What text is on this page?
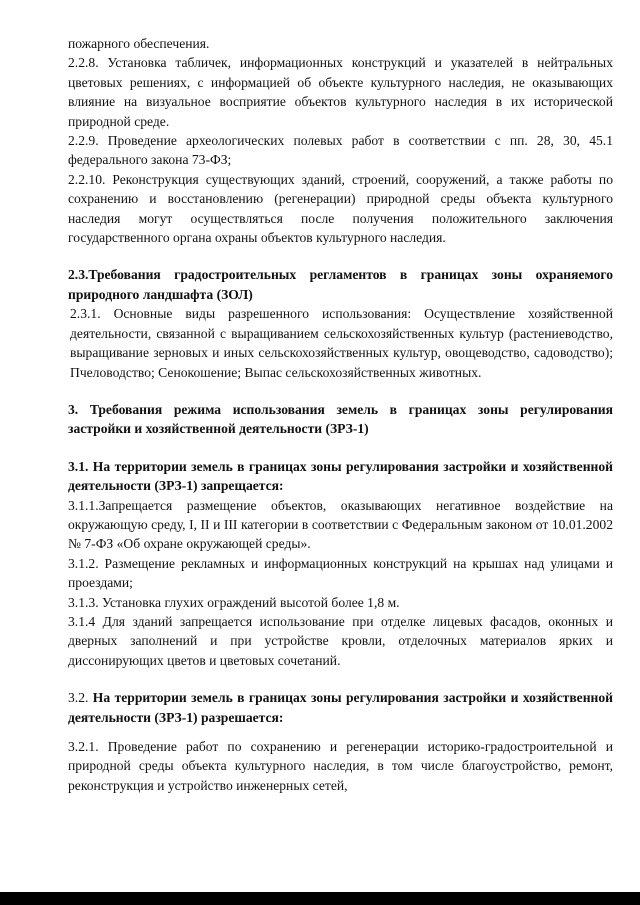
пожарного обеспечения.

2.2.8. Установка табличек, информационных конструкций и указателей в нейтральных цветовых решениях, с информацией об объекте культурного наследия, не оказывающих влияние на визуальное восприятие объектов культурного наследия в их исторической природной среде.

2.2.9. Проведение археологических полевых работ в соответствии с пп. 28, 30, 45.1 федерального закона 73-ФЗ;

2.2.10. Реконструкция существующих зданий, строений, сооружений, а также работы по сохранению и восстановлению (регенерации) природной среды объекта культурного наследия могут осуществляться после получения положительного заключения государственного органа охраны объектов культурного наследия.

2.3.Требования градостроительных регламентов в границах зоны охраняемого природного ландшафта (ЗОЛ)

2.3.1. Основные виды разрешенного использования: Осуществление хозяйственной деятельности, связанной с выращиванием сельскохозяйственных культур (растениеводство, выращивание зерновых и иных сельскохозяйственных культур, овощеводство, садоводство); Пчеловодство; Сенокошение; Выпас сельскохозяйственных животных.

3. Требования режима использования земель в границах зоны регулирования застройки и хозяйственной деятельности (ЗРЗ-1)

3.1. На территории земель в границах зоны регулирования застройки и хозяйственной деятельности (ЗРЗ-1) запрещается:

3.1.1.Запрещается размещение объектов, оказывающих негативное воздействие на окружающую среду, I, II и III категории в соответствии с Федеральным законом от 10.01.2002 № 7-ФЗ «Об охране окружающей среды».

3.1.2. Размещение рекламных и информационных конструкций на крышах над улицами и проездами;

3.1.3. Установка глухих ограждений высотой более 1,8 м.

3.1.4 Для зданий запрещается использование при отделке лицевых фасадов, оконных и дверных заполнений и при устройстве кровли, отделочных материалов ярких и диссонирующих цветов и цветовых сочетаний.

3.2. На территории земель в границах зоны регулирования застройки и хозяйственной деятельности (ЗРЗ-1) разрешается:

3.2.1. Проведение работ по сохранению и регенерации историко-градостроительной и природной среды объекта культурного наследия, в том числе благоустройство, ремонт, реконструкция и устройство инженерных сетей,
